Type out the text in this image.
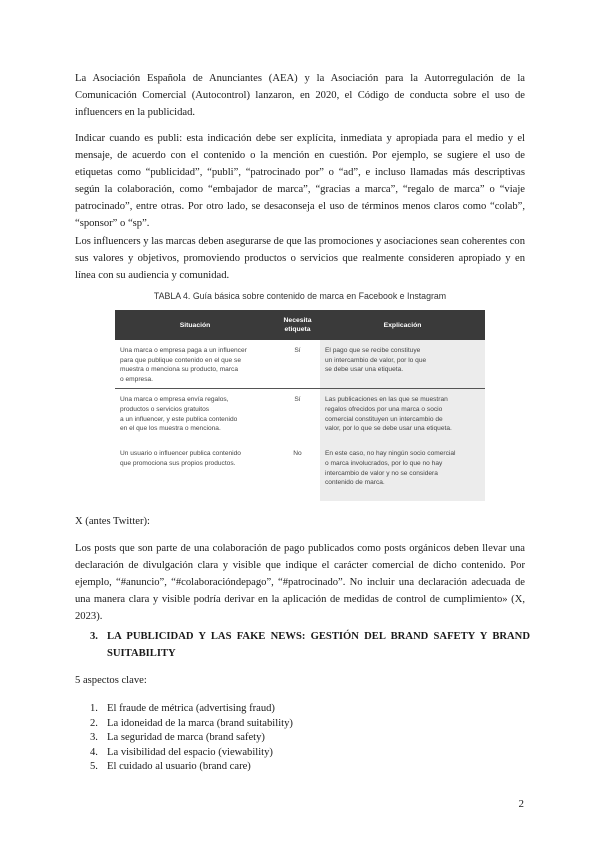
La Asociación Española de Anunciantes (AEA) y la Asociación para la Autorregulación de la Comunicación Comercial (Autocontrol) lanzaron, en 2020, el Código de conducta sobre el uso de influencers en la publicidad.

Indicar cuando es publi: esta indicación debe ser explícita, inmediata y apropiada para el medio y el mensaje, de acuerdo con el contenido o la mención en cuestión. Por ejemplo, se sugiere el uso de etiquetas como “publicidad”, “publi”, “patrocinado por” o “ad”, e incluso llamadas más descriptivas según la colaboración, como “embajador de marca”, “gracias a marca”, “regalo de marca” o “viaje patrocinado”, entre otras. Por otro lado, se desaconseja el uso de términos menos claros como “colab”, “sponsor” o “sp”.

Los influencers y las marcas deben asegurarse de que las promociones y asociaciones sean coherentes con sus valores y objetivos, promoviendo productos o servicios que realmente consideren apropiado y en línea con su audiencia y comunidad.

TABLA 4. Guía básica sobre contenido de marca en Facebook e Instagram
Situación	Necesita etiqueta	Explicación

Una marca o empresa paga a un influencer
para que publique contenido en el que se
muestra o menciona su producto, marca
o empresa.	Sí	El pago que se recibe constituye
un intercambio de valor, por lo que
se debe usar una etiqueta.

Una marca o empresa envía regalos,
productos o servicios gratuitos
a un influencer, y este publica contenido
en el que los muestra o menciona.	Sí	Las publicaciones en las que se muestran
regalos ofrecidos por una marca o socio
comercial constituyen un intercambio de
valor, por lo que se debe usar una etiqueta.

Un usuario o influencer publica contenido
que promociona sus propios productos.	No	En este caso, no hay ningún socio comercial
o marca involucrados, por lo que no hay
intercambio de valor y no se considera
contenido de marca.

X (antes Twitter):

Los posts que son parte de una colaboración de pago publicados como posts orgánicos deben llevar una declaración de divulgación clara y visible que indique el carácter comercial de dicho contenido. Por ejemplo, “#anuncio”, “#colaboracióndepago”, “#patrocinado”. No incluir una declaración adecuada de una manera clara y visible podría derivar en la aplicación de medidas de control de cumplimiento» (X, 2023).

3. LA PUBLICIDAD Y LAS FAKE NEWS: GESTIÓN DEL BRAND SAFETY Y BRAND SUITABILITY

5 aspectos clave:

1. El fraude de métrica (advertising fraud)
2. La idoneidad de la marca (brand suitability)
3. La seguridad de marca (brand safety)
4. La visibilidad del espacio (viewability)
5. El cuidado al usuario (brand care)
2
